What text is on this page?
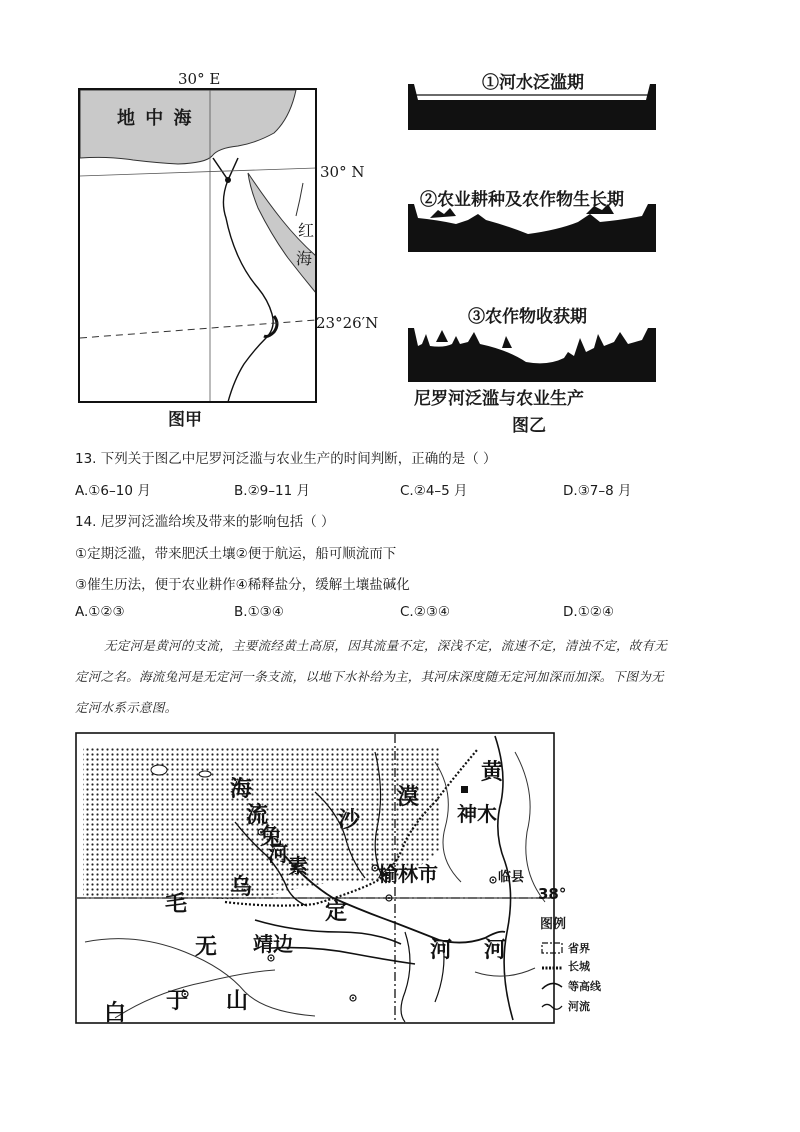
30° E
地 中 海
30° N
红
海
23°26′N
图甲
①河水泛滥期
②农业耕种及农作物生长期
③农作物收获期
尼罗河泛滥与农业生产
图乙
13. 下列关于图乙中尼罗河泛滥与农业生产的时间判断，正确的是（ ）
A.①6–10 月	B.②9–11 月	C.②4–5 月	D.③7–8 月
14. 尼罗河泛滥给埃及带来的影响包括（ ）
①定期泛滥，带来肥沃土壤②便于航运，船可顺流而下
③催生历法，便于农业耕作④稀释盐分，缓解土壤盐碱化
A.①②③	B.①③④	C.②③④	D.①②④
无定河是黄河的支流，主要流经黄土高原，因其流量不定，深浅不定，流速不定，清浊不定，故有无
定河之名。海流兔河是无定河一条支流，以地下水补给为主，其河床深度随无定河加深而加深。下图为无
定河水系示意图。
海
流
兔
河 素
沙
漠
黄
神木
榆林市	临县
乌
毛	38°
定
无 靖边	河 河
白 于 山
图例
省界
长城
等高线
河流
